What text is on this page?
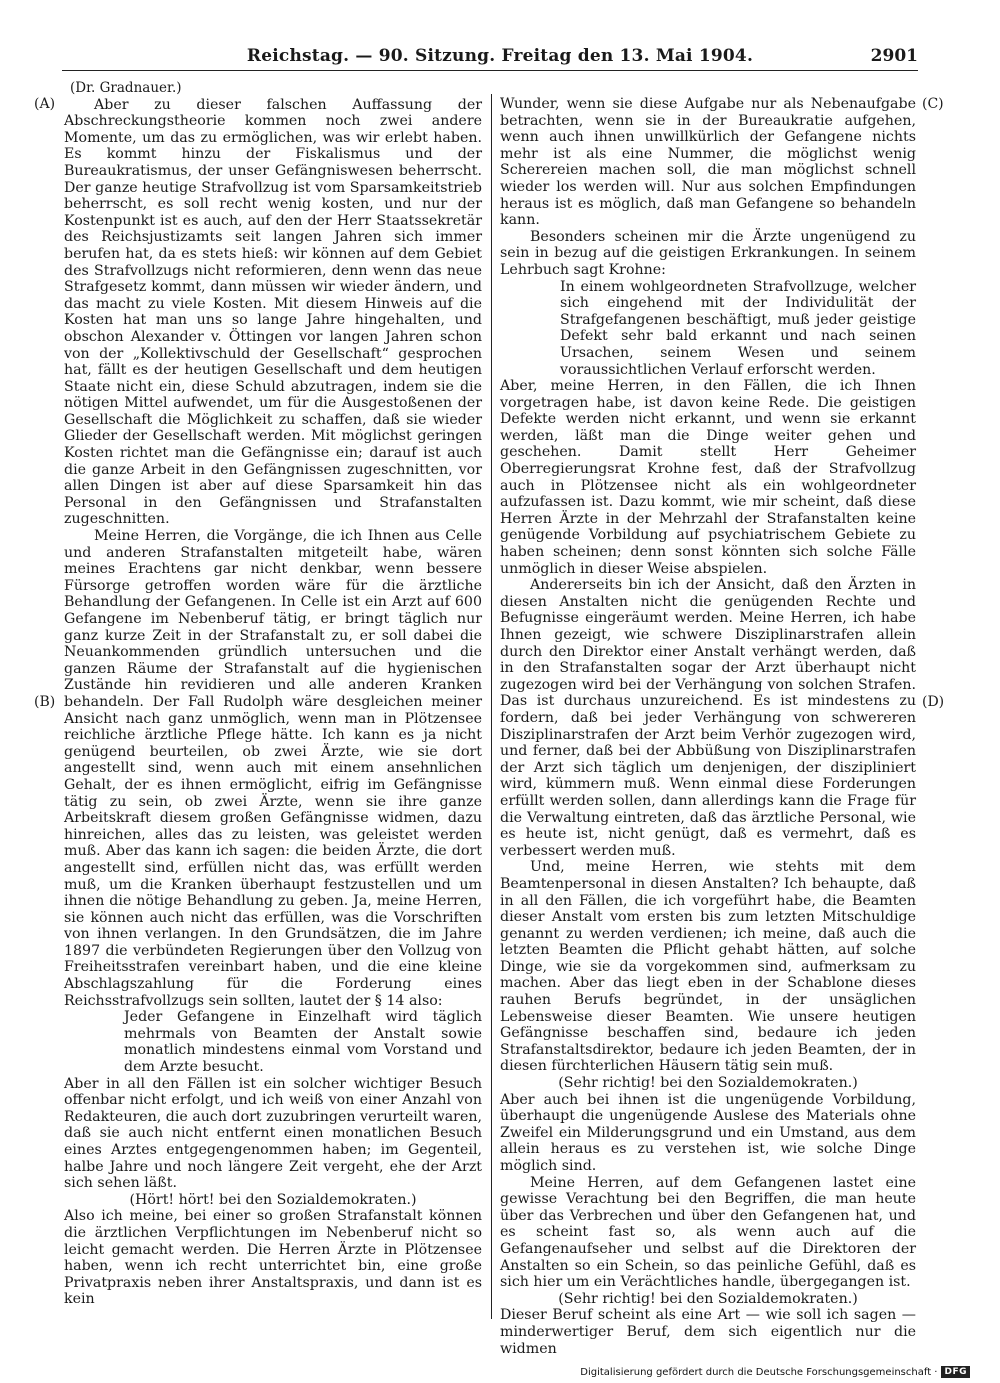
Reichstag. — 90. Sitzung. Freitag den 13. Mai 1904.	2901
(A)
(B)
(C)
(D)

(Dr. Gradnauer.)

Aber zu dieser falschen Auffassung der Abschreckungstheorie kommen noch zwei andere Momente, um das zu ermöglichen, was wir erlebt haben. Es kommt hinzu der Fiskalismus und der Bureaukratismus, der unser Gefängniswesen beherrscht. Der ganze heutige Strafvollzug ist vom Sparsamkeitstrieb beherrscht, es soll recht wenig kosten, und nur der Kostenpunkt ist es auch, auf den der Herr Staatssekretär des Reichsjustizamts seit langen Jahren sich immer berufen hat, da es stets hieß: wir können auf dem Gebiet des Strafvollzugs nicht reformieren, denn wenn das neue Strafgesetz kommt, dann müssen wir wieder ändern, und das macht zu viele Kosten. Mit diesem Hinweis auf die Kosten hat man uns so lange Jahre hingehalten, und obschon Alexander v. Öttingen vor langen Jahren schon von der „Kollektivschuld der Gesellschaft“ gesprochen hat, fällt es der heutigen Gesellschaft und dem heutigen Staate nicht ein, diese Schuld abzutragen, indem sie die nötigen Mittel aufwendet, um für die Ausgestoßenen der Gesellschaft die Möglichkeit zu schaffen, daß sie wieder Glieder der Gesellschaft werden. Mit möglichst geringen Kosten richtet man die Gefängnisse ein; darauf ist auch die ganze Arbeit in den Gefängnissen zugeschnitten, vor allen Dingen ist aber auf diese Sparsamkeit hin das Personal in den Gefängnissen und Strafanstalten zugeschnitten.

Meine Herren, die Vorgänge, die ich Ihnen aus Celle und anderen Strafanstalten mitgeteilt habe, wären meines Erachtens gar nicht denkbar, wenn bessere Fürsorge getroffen worden wäre für die ärztliche Behandlung der Gefangenen. In Celle ist ein Arzt auf 600 Gefangene im Nebenberuf tätig, er bringt täglich nur ganz kurze Zeit in der Strafanstalt zu, er soll dabei die Neuankommenden gründlich untersuchen und die ganzen Räume der Strafanstalt auf die hygienischen Zustände hin revidieren und alle anderen Kranken behandeln. Der Fall Rudolph wäre desgleichen meiner Ansicht nach ganz unmöglich, wenn man in Plötzensee reichliche ärztliche Pflege hätte. Ich kann es ja nicht genügend beurteilen, ob zwei Ärzte, wie sie dort angestellt sind, wenn auch mit einem ansehnlichen Gehalt, der es ihnen ermöglicht, eifrig im Gefängnisse tätig zu sein, ob zwei Ärzte, wenn sie ihre ganze Arbeitskraft diesem großen Gefängnisse widmen, dazu hinreichen, alles das zu leisten, was geleistet werden muß. Aber das kann ich sagen: die beiden Ärzte, die dort angestellt sind, erfüllen nicht das, was erfüllt werden muß, um die Kranken überhaupt festzustellen und um ihnen die nötige Behandlung zu geben. Ja, meine Herren, sie können auch nicht das erfüllen, was die Vorschriften von ihnen verlangen. In den Grundsätzen, die im Jahre 1897 die verbündeten Regierungen über den Vollzug von Freiheitsstrafen vereinbart haben, und die eine kleine Abschlagszahlung für die Forderung eines Reichsstrafvollzugs sein sollten, lautet der § 14 also:

Jeder Gefangene in Einzelhaft wird täglich mehrmals von Beamten der Anstalt sowie monatlich mindestens einmal vom Vorstand und dem Arzte besucht.

Aber in all den Fällen ist ein solcher wichtiger Besuch offenbar nicht erfolgt, und ich weiß von einer Anzahl von Redakteuren, die auch dort zuzubringen verurteilt waren, daß sie auch nicht entfernt einen monatlichen Besuch eines Arztes entgegengenommen haben; im Gegenteil, halbe Jahre und noch längere Zeit vergeht, ehe der Arzt sich sehen läßt.

(Hört! hört! bei den Sozialdemokraten.)

Also ich meine, bei einer so großen Strafanstalt können die ärztlichen Verpflichtungen im Nebenberuf nicht so leicht gemacht werden. Die Herren Ärzte in Plötzensee haben, wenn ich recht unterrichtet bin, eine große Privatpraxis neben ihrer Anstaltspraxis, und dann ist es kein

Wunder, wenn sie diese Aufgabe nur als Nebenaufgabe betrachten, wenn sie in der Bureaukratie aufgehen, wenn auch ihnen unwillkürlich der Gefangene nichts mehr ist als eine Nummer, die möglichst wenig Scherereien machen soll, die man möglichst schnell wieder los werden will. Nur aus solchen Empfindungen heraus ist es möglich, daß man Gefangene so behandeln kann.

Besonders scheinen mir die Ärzte ungenügend zu sein in bezug auf die geistigen Erkrankungen. In seinem Lehrbuch sagt Krohne:

In einem wohlgeordneten Strafvollzuge, welcher sich eingehend mit der Individulität der Strafgefangenen beschäftigt, muß jeder geistige Defekt sehr bald erkannt und nach seinen Ursachen, seinem Wesen und seinem voraussichtlichen Verlauf erforscht werden.

Aber, meine Herren, in den Fällen, die ich Ihnen vorgetragen habe, ist davon keine Rede. Die geistigen Defekte werden nicht erkannt, und wenn sie erkannt werden, läßt man die Dinge weiter gehen und geschehen. Damit stellt Herr Geheimer Oberregierungsrat Krohne fest, daß der Strafvollzug auch in Plötzensee nicht als ein wohlgeordneter aufzufassen ist. Dazu kommt, wie mir scheint, daß diese Herren Ärzte in der Mehrzahl der Strafanstalten keine genügende Vorbildung auf psychiatrischem Gebiete zu haben scheinen; denn sonst könnten sich solche Fälle unmöglich in dieser Weise abspielen.

Andererseits bin ich der Ansicht, daß den Ärzten in diesen Anstalten nicht die genügenden Rechte und Befugnisse eingeräumt werden. Meine Herren, ich habe Ihnen gezeigt, wie schwere Disziplinarstrafen allein durch den Direktor einer Anstalt verhängt werden, daß in den Strafanstalten sogar der Arzt überhaupt nicht zugezogen wird bei der Verhängung von solchen Strafen. Das ist durchaus unzureichend. Es ist mindestens zu fordern, daß bei jeder Verhängung von schwereren Disziplinarstrafen der Arzt beim Verhör zugezogen wird, und ferner, daß bei der Abbüßung von Disziplinarstrafen der Arzt sich täglich um denjenigen, der diszipliniert wird, kümmern muß. Wenn einmal diese Forderungen erfüllt werden sollen, dann allerdings kann die Frage für die Verwaltung eintreten, daß das ärztliche Personal, wie es heute ist, nicht genügt, daß es vermehrt, daß es verbessert werden muß.

Und, meine Herren, wie stehts mit dem Beamtenpersonal in diesen Anstalten? Ich behaupte, daß in all den Fällen, die ich vorgeführt habe, die Beamten dieser Anstalt vom ersten bis zum letzten Mitschuldige genannt zu werden verdienen; ich meine, daß auch die letzten Beamten die Pflicht gehabt hätten, auf solche Dinge, wie sie da vorgekommen sind, aufmerksam zu machen. Aber das liegt eben in der Schablone dieses rauhen Berufs begründet, in der unsäglichen Lebensweise dieser Beamten. Wie unsere heutigen Gefängnisse beschaffen sind, bedaure ich jeden Strafanstaltsdirektor, bedaure ich jeden Beamten, der in diesen fürchterlichen Häusern tätig sein muß.

(Sehr richtig! bei den Sozialdemokraten.)

Aber auch bei ihnen ist die ungenügende Vorbildung, überhaupt die ungenügende Auslese des Materials ohne Zweifel ein Milderungsgrund und ein Umstand, aus dem allein heraus es zu verstehen ist, wie solche Dinge möglich sind.

Meine Herren, auf dem Gefangenen lastet eine gewisse Verachtung bei den Begriffen, die man heute über das Verbrechen und über den Gefangenen hat, und es scheint fast so, als wenn auch auf die Gefangenaufseher und selbst auf die Direktoren der Anstalten so ein Schein, so das peinliche Gefühl, daß es sich hier um ein Verächtliches handle, übergegangen ist.

(Sehr richtig! bei den Sozialdemokraten.)

Dieser Beruf scheint als eine Art — wie soll ich sagen — minderwertiger Beruf, dem sich eigentlich nur die widmen

Digitalisierung gefördert durch die Deutsche Forschungsgemeinschaft · DFG
